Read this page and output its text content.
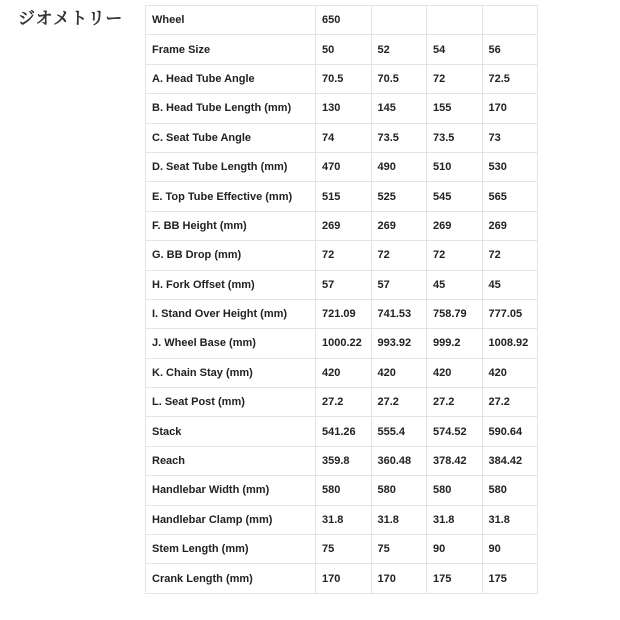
ジオメトリー	Wheel	650			
Frame Size	50	52	54	56
A. Head Tube Angle	70.5	70.5	72	72.5
B. Head Tube Length (mm)	130	145	155	170
C. Seat Tube Angle	74	73.5	73.5	73
D. Seat Tube Length (mm)	470	490	510	530
E. Top Tube Effective (mm)	515	525	545	565
F. BB Height (mm)	269	269	269	269
G. BB Drop (mm)	72	72	72	72
H. Fork Offset (mm)	57	57	45	45
I. Stand Over Height (mm)	721.09	741.53	758.79	777.05
J. Wheel Base (mm)	1000.22	993.92	999.2	1008.92
K. Chain Stay (mm)	420	420	420	420
L. Seat Post (mm)	27.2	27.2	27.2	27.2
Stack	541.26	555.4	574.52	590.64
Reach	359.8	360.48	378.42	384.42
Handlebar Width (mm)	580	580	580	580
Handlebar Clamp (mm)	31.8	31.8	31.8	31.8
Stem Length (mm)	75	75	90	90
Crank Length (mm)	170	170	175	175
